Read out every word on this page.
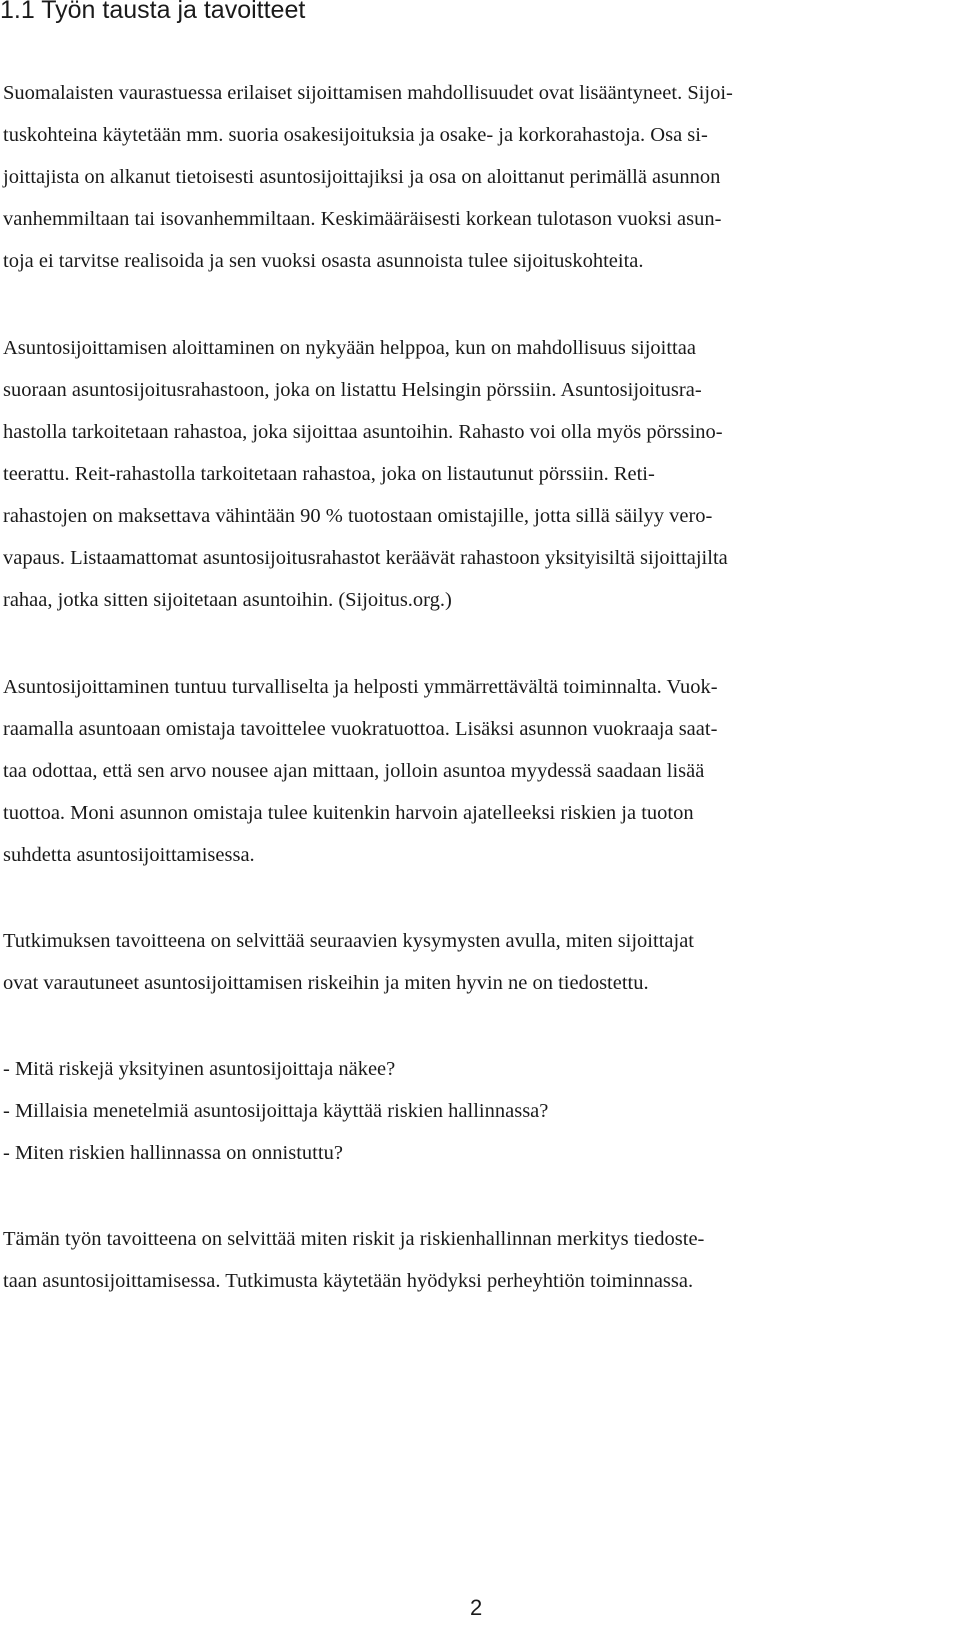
1.1 Työn tausta ja tavoitteet

Suomalaisten vaurastuessa erilaiset sijoittamisen mahdollisuudet ovat lisääntyneet. Sijoi-

tuskohteina käytetään mm. suoria osakesijoituksia ja osake- ja korkorahastoja. Osa si-

joittajista on alkanut tietoisesti asuntosijoittajiksi ja osa on aloittanut perimällä asunnon

vanhemmiltaan tai isovanhemmiltaan. Keskimääräisesti korkean tulotason vuoksi asun-

toja ei tarvitse realisoida ja sen vuoksi osasta asunnoista tulee sijoituskohteita.

Asuntosijoittamisen aloittaminen on nykyään helppoa, kun on mahdollisuus sijoittaa

suoraan asuntosijoitusrahastoon, joka on listattu Helsingin pörssiin. Asuntosijoitusra-

hastolla tarkoitetaan rahastoa, joka sijoittaa asuntoihin. Rahasto voi olla myös pörssino-

teerattu. Reit-rahastolla tarkoitetaan rahastoa, joka on listautunut pörssiin. Reti-

rahastojen on maksettava vähintään 90 % tuotostaan omistajille, jotta sillä säilyy vero-

vapaus. Listaamattomat asuntosijoitusrahastot keräävät rahastoon yksityisiltä sijoittajilta

rahaa, jotka sitten sijoitetaan asuntoihin. (Sijoitus.org.)

Asuntosijoittaminen tuntuu turvalliselta ja helposti ymmärrettävältä toiminnalta. Vuok-

raamalla asuntoaan omistaja tavoittelee vuokratuottoa. Lisäksi asunnon vuokraaja saat-

taa odottaa, että sen arvo nousee ajan mittaan, jolloin asuntoa myydessä saadaan lisää

tuottoa. Moni asunnon omistaja tulee kuitenkin harvoin ajatelleeksi riskien ja tuoton

suhdetta asuntosijoittamisessa.

Tutkimuksen tavoitteena on selvittää seuraavien kysymysten avulla, miten sijoittajat

ovat varautuneet asuntosijoittamisen riskeihin ja miten hyvin ne on tiedostettu.

- Mitä riskejä yksityinen asuntosijoittaja näkee?

- Millaisia menetelmiä asuntosijoittaja käyttää riskien hallinnassa?

- Miten riskien hallinnassa on onnistuttu?

Tämän työn tavoitteena on selvittää miten riskit ja riskienhallinnan merkitys tiedoste-

taan asuntosijoittamisessa. Tutkimusta käytetään hyödyksi perheyhtiön toiminnassa.

2
